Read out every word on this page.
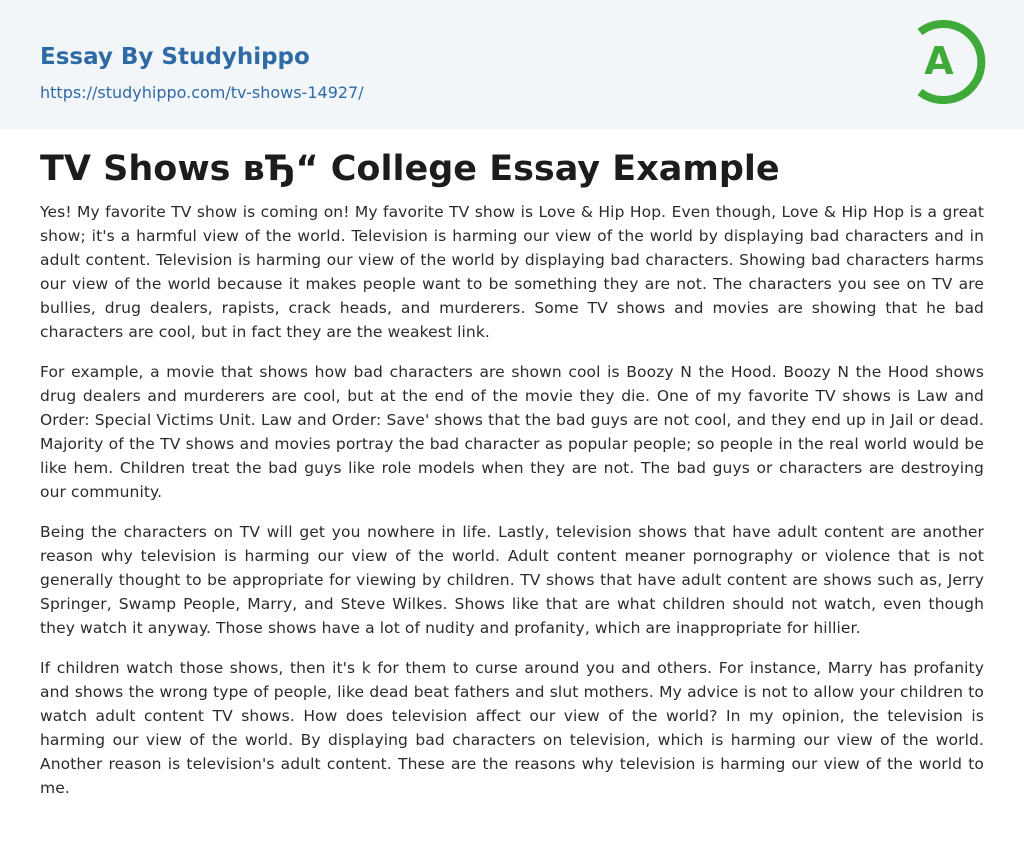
Essay By Studyhippo
https://studyhippo.com/tv-shows-14927/
A
TV Shows вЂ“ College Essay Example

Yes! My favorite TV show is coming on! My favorite TV show is Love & Hip Hop. Even though, Love & Hip Hop is a great show; it's a harmful view of the world. Television is harming our view of the world by displaying bad characters and in adult content. Television is harming our view of the world by displaying bad characters. Showing bad characters harms our view of the world because it makes people want to be something they are not. The characters you see on TV are bullies, drug dealers, rapists, crack heads, and murderers. Some TV shows and movies are showing that he bad characters are cool, but in fact they are the weakest link.

For example, a movie that shows how bad characters are shown cool is Boozy N the Hood. Boozy N the Hood shows drug dealers and murderers are cool, but at the end of the movie they die. One of my favorite TV shows is Law and Order: Special Victims Unit. Law and Order: Save' shows that the bad guys are not cool, and they end up in Jail or dead. Majority of the TV shows and movies portray the bad character as popular people; so people in the real world would be like hem. Children treat the bad guys like role models when they are not. The bad guys or characters are destroying our community.

Being the characters on TV will get you nowhere in life. Lastly, television shows that have adult content are another reason why television is harming our view of the world. Adult content meaner pornography or violence that is not generally thought to be appropriate for viewing by children. TV shows that have adult content are shows such as, Jerry Springer, Swamp People, Marry, and Steve Wilkes. Shows like that are what children should not watch, even though they watch it anyway. Those shows have a lot of nudity and profanity, which are inappropriate for hillier.

If children watch those shows, then it's k for them to curse around you and others. For instance, Marry has profanity and shows the wrong type of people, like dead beat fathers and slut mothers. My advice is not to allow your children to watch adult content TV shows. How does television affect our view of the world? In my opinion, the television is harming our view of the world. By displaying bad characters on television, which is harming our view of the world. Another reason is television's adult content. These are the reasons why television is harming our view of the world to me.
